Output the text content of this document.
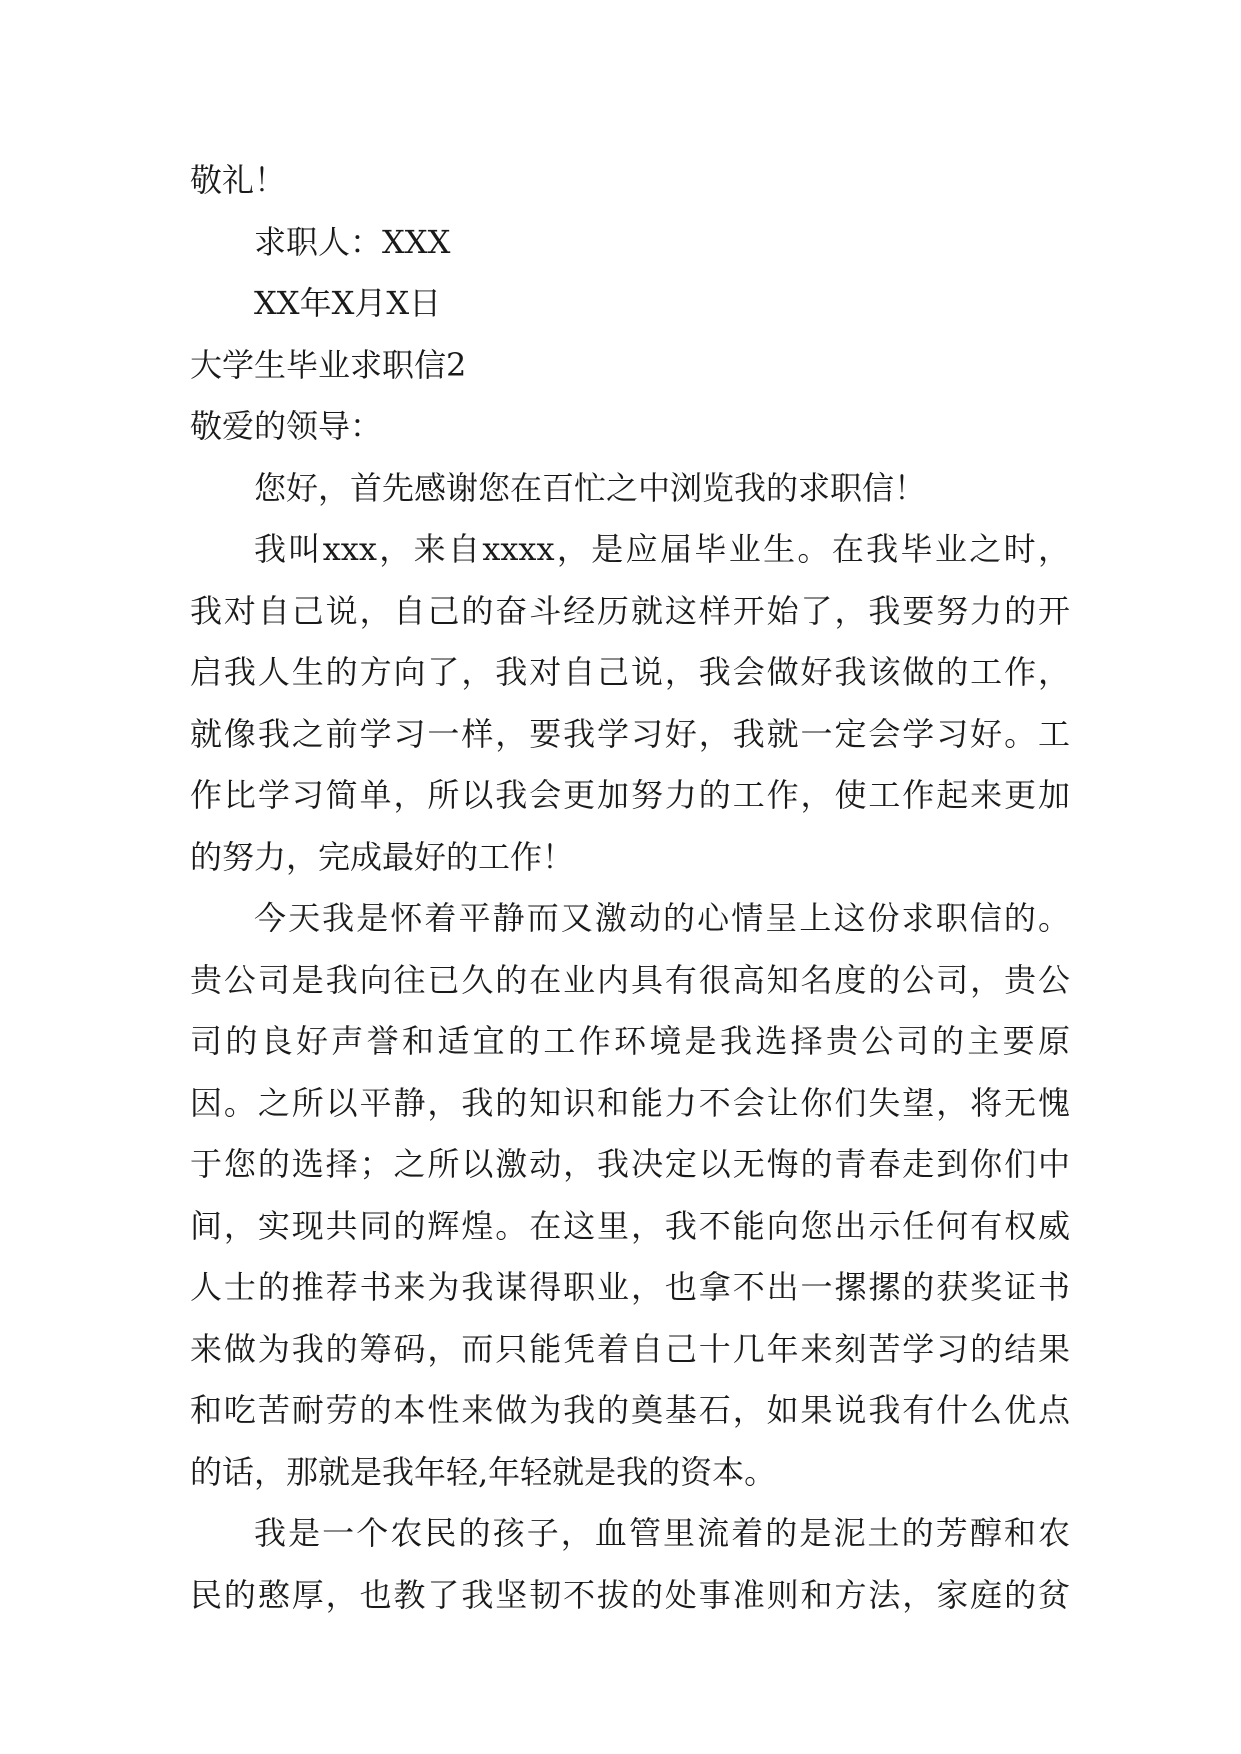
敬礼！
求职人：XXX
XX年X月X日
大学生毕业求职信2
敬爱的领导：
您好，首先感谢您在百忙之中浏览我的求职信！
我叫xxx，来自xxxx，是应届毕业生。在我毕业之时，
我对自己说，自己的奋斗经历就这样开始了，我要努力的开
启我人生的方向了，我对自己说，我会做好我该做的工作，
就像我之前学习一样，要我学习好，我就一定会学习好。工
作比学习简单，所以我会更加努力的工作，使工作起来更加
的努力，完成最好的工作！
今天我是怀着平静而又激动的心情呈上这份求职信的。
贵公司是我向往已久的在业内具有很高知名度的公司，贵公
司的良好声誉和适宜的工作环境是我选择贵公司的主要原
因。之所以平静，我的知识和能力不会让你们失望，将无愧
于您的选择；之所以激动，我决定以无悔的青春走到你们中
间，实现共同的辉煌。在这里，我不能向您出示任何有权威
人士的推荐书来为我谋得职业，也拿不出一摞摞的获奖证书
来做为我的筹码，而只能凭着自己十几年来刻苦学习的结果
和吃苦耐劳的本性来做为我的奠基石，如果说我有什么优点
的话，那就是我年轻,年轻就是我的资本。
我是一个农民的孩子，血管里流着的是泥土的芳醇和农
民的憨厚，也教了我坚韧不拔的处事准则和方法，家庭的贫
